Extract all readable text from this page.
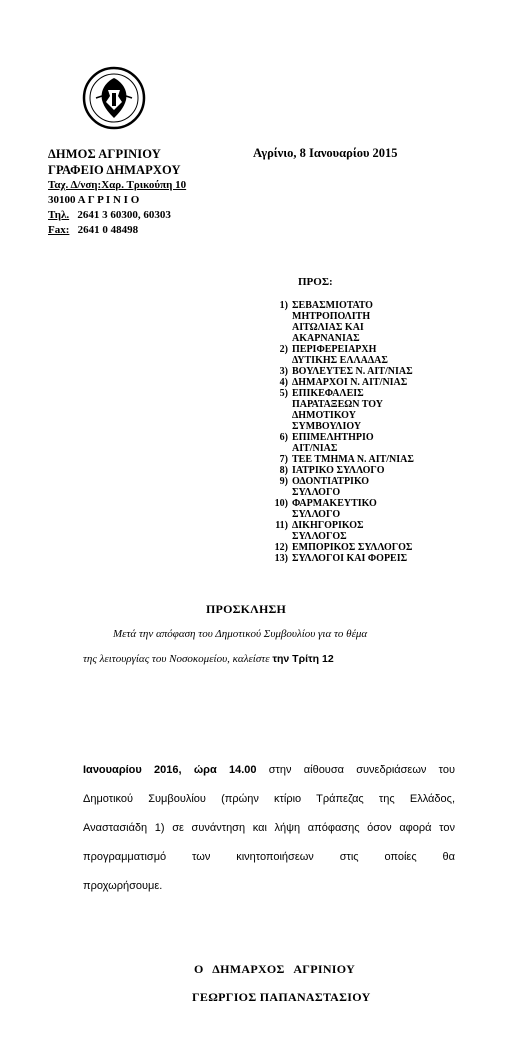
ΔΗΜΟΣ ΑΓΡΙΝΙΟΥ
ΓΡΑΦΕΙΟ ΔΗΜΑΡΧΟΥ
Ταχ. Δ/νση:Χαρ. Τρικούπη 10
30100 Α Γ Ρ Ι Ν Ι Ο
Τηλ. 2641 3 60300, 60303
Fax: 2641 0 48498
Αγρίνιο, 8 Ιανουαρίου 2015
ΠΡΟΣ:
1) ΣΕΒΑΣΜΙΟΤΑΤΟ
ΜΗΤΡΟΠΟΛΙΤΗ
ΑΙΤΩΛΙΑΣ ΚΑΙ
ΑΚΑΡΝΑΝΙΑΣ
2) ΠΕΡΙΦΕΡΕΙΑΡΧΗ
ΔΥΤΙΚΗΣ ΕΛΛΑΔΑΣ
3) ΒΟΥΛΕΥΤΕΣ Ν. ΑΙΤ/ΝΙΑΣ
4) ΔΗΜΑΡΧΟΙ Ν. ΑΙΤ/ΝΙΑΣ
5) ΕΠΙΚΕΦΑΛΕΙΣ
ΠΑΡΑΤΑΞΕΩΝ ΤΟΥ
ΔΗΜΟΤΙΚΟΥ
ΣΥΜΒΟΥΛΙΟΥ
6) ΕΠΙΜΕΛΗΤΗΡΙΟ
ΑΙΤ/ΝΙΑΣ
7) ΤΕΕ ΤΜΗΜΑ Ν. ΑΙΤ/ΝΙΑΣ
8) ΙΑΤΡΙΚΟ ΣΥΛΛΟΓΟ
9) ΟΔΟΝΤΙΑΤΡΙΚΟ
ΣΥΛΛΟΓΟ
10) ΦΑΡΜΑΚΕΥΤΙΚΟ
ΣΥΛΛΟΓΟ
11) ΔΙΚΗΓΟΡΙΚΟΣ
ΣΥΛΛΟΓΟΣ
12) ΕΜΠΟΡΙΚΟΣ ΣΥΛΛΟΓΟΣ
13) ΣΥΛΛΟΓΟΙ ΚΑΙ ΦΟΡΕΙΣ
ΠΡΟΣΚΛΗΣΗ
Μετά την απόφαση του Δημοτικού Συμβουλίου για το θέμα
της λειτουργίας του Νοσοκομείου, καλείστε την Τρίτη 12
Ιανουαρίου 2016, ώρα 14.00 στην αίθουσα συνεδριάσεων του
Δημοτικού Συμβουλίου (πρώην κτίριο Τράπεζας της Ελλάδος,
Αναστασιάδη 1) σε συνάντηση και λήψη απόφασης όσον αφορά τον
προγραμματισμό των κινητοποιήσεων στις οποίες θα
προχωρήσουμε.
Ο ΔΗΜΑΡΧΟΣ ΑΓΡΙΝΙΟΥ
ΓΕΩΡΓΙΟΣ ΠΑΠΑΝΑΣΤΑΣΙΟΥ
